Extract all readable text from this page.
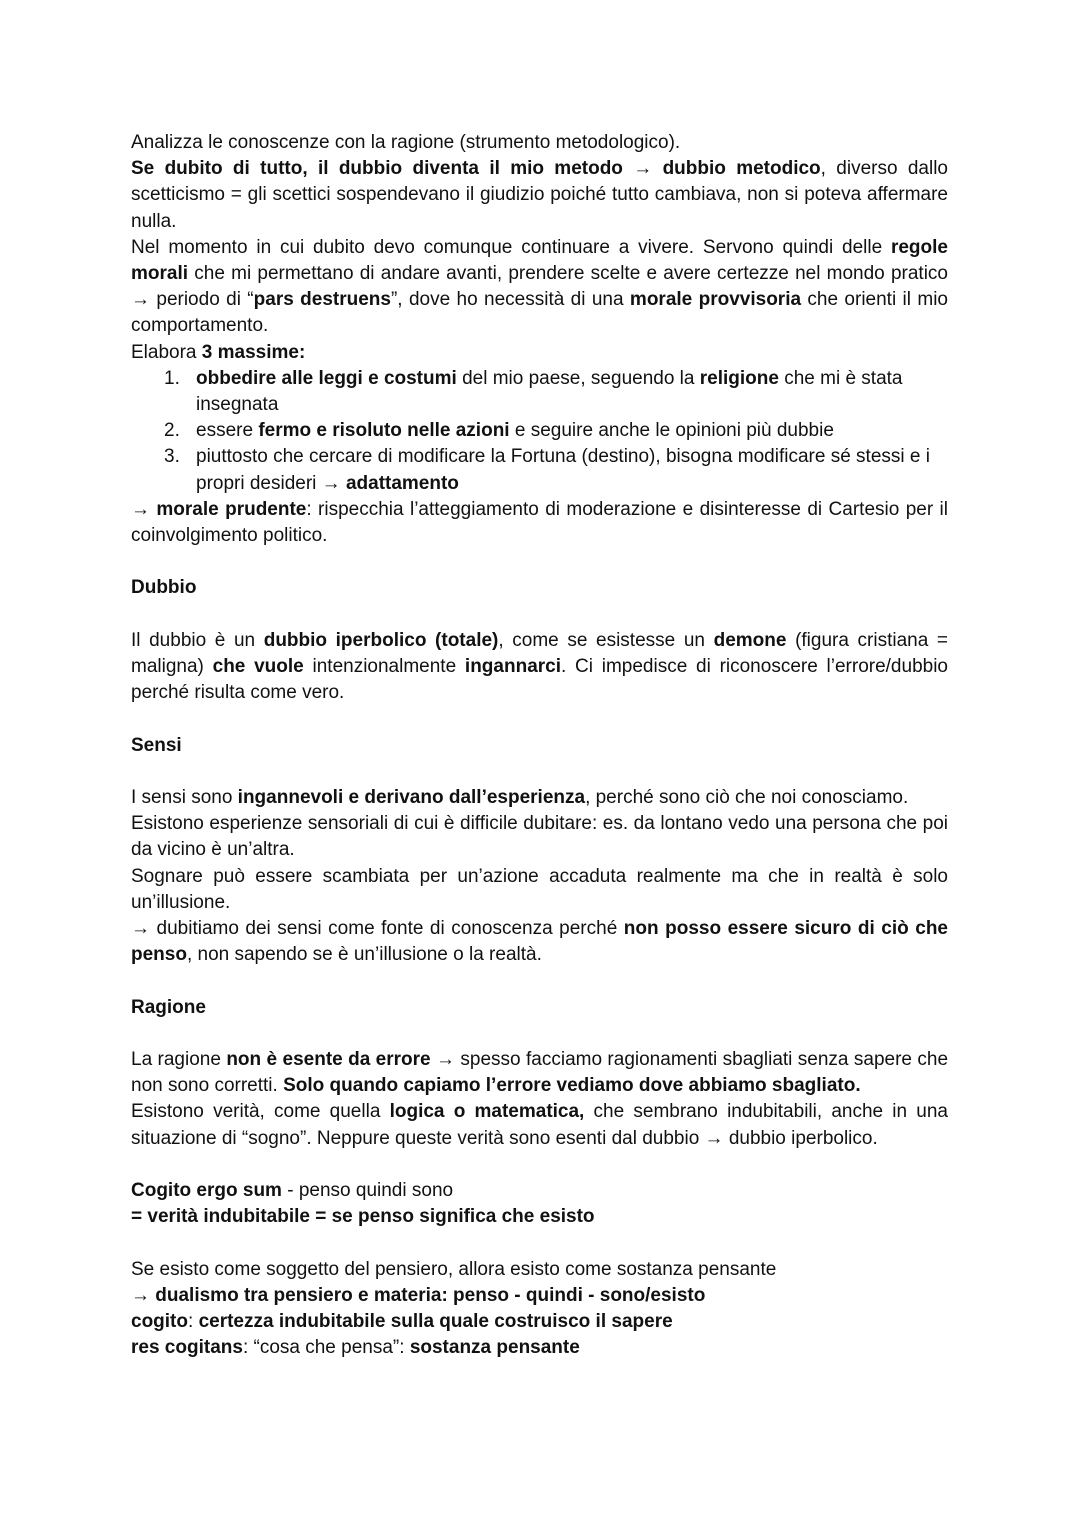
Analizza le conoscenze con la ragione (strumento metodologico).

Se dubito di tutto, il dubbio diventa il mio metodo → dubbio metodico, diverso dallo scetticismo = gli scettici sospendevano il giudizio poiché tutto cambiava, non si poteva affermare nulla.

Nel momento in cui dubito devo comunque continuare a vivere. Servono quindi delle regole morali che mi permettano di andare avanti, prendere scelte e avere certezze nel mondo pratico → periodo di “pars destruens”, dove ho necessità di una morale provvisoria che orienti il mio comportamento.

Elabora 3 massime:

1. obbedire alle leggi e costumi del mio paese, seguendo la religione che mi è stata insegnata
2. essere fermo e risoluto nelle azioni e seguire anche le opinioni più dubbie
3. piuttosto che cercare di modificare la Fortuna (destino), bisogna modificare sé stessi e i propri desideri → adattamento

→ morale prudente: rispecchia l’atteggiamento di moderazione e disinteresse di Cartesio per il coinvolgimento politico.

Dubbio

Il dubbio è un dubbio iperbolico (totale), come se esistesse un demone (figura cristiana = maligna) che vuole intenzionalmente ingannarci. Ci impedisce di riconoscere l’errore/dubbio perché risulta come vero.

Sensi

I sensi sono ingannevoli e derivano dall’esperienza, perché sono ciò che noi conosciamo.

Esistono esperienze sensoriali di cui è difficile dubitare: es. da lontano vedo una persona che poi da vicino è un’altra.

Sognare può essere scambiata per un’azione accaduta realmente ma che in realtà è solo un’illusione.

→ dubitiamo dei sensi come fonte di conoscenza perché non posso essere sicuro di ciò che penso, non sapendo se è un’illusione o la realtà.

Ragione

La ragione non è esente da errore → spesso facciamo ragionamenti sbagliati senza sapere che non sono corretti. Solo quando capiamo l’errore vediamo dove abbiamo sbagliato.

Esistono verità, come quella logica o matematica, che sembrano indubitabili, anche in una situazione di “sogno”. Neppure queste verità sono esenti dal dubbio → dubbio iperbolico.

Cogito ergo sum - penso quindi sono

= verità indubitabile = se penso significa che esisto

Se esisto come soggetto del pensiero, allora esisto come sostanza pensante

→ dualismo tra pensiero e materia: penso - quindi - sono/esisto

cogito: certezza indubitabile sulla quale costruisco il sapere

res cogitans: “cosa che pensa”: sostanza pensante
